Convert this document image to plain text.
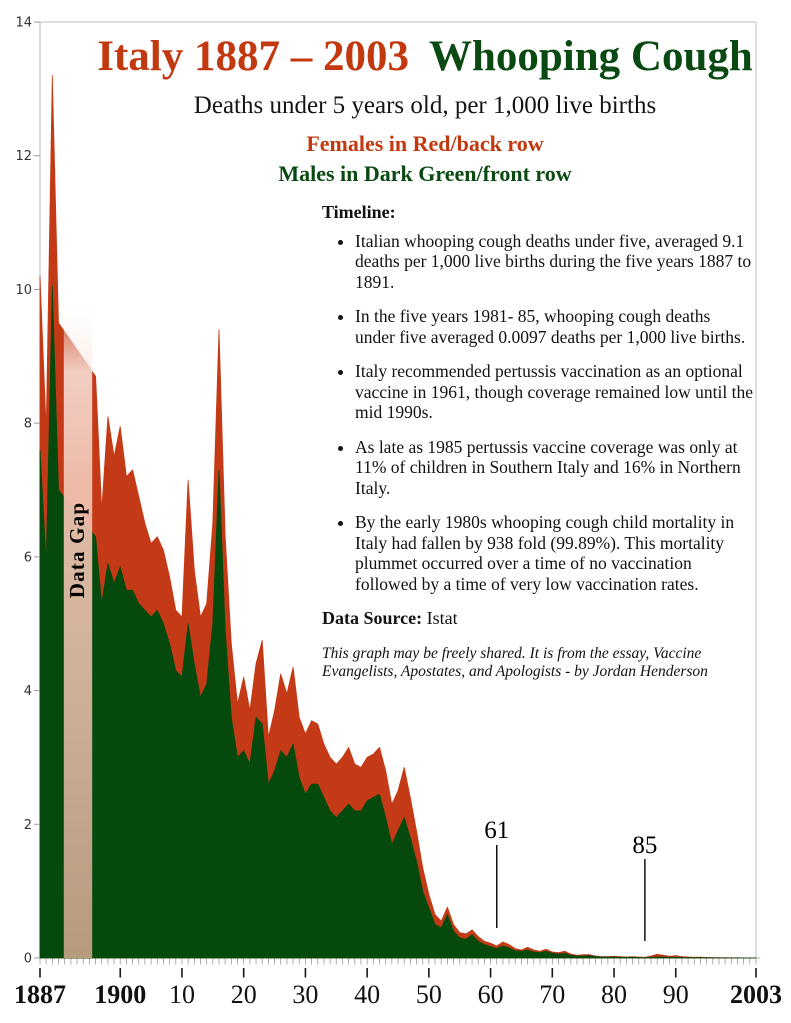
Data Gap
0
2
4
6
8
10
12
14
1887 1900 10 20 30 40 50 60 70 80 90 2003
61
85
Italy 1887 – 2003 Whooping Cough
Deaths under 5 years old, per 1,000 live births
Females in Red/back row
Males in Dark Green/front row
Timeline:
• Italian whooping cough deaths under five, averaged 9.1 deaths per 1,000 live births during the five years 1887 to 1891.
• In the five years 1981- 85, whooping cough deaths under five averaged 0.0097 deaths per 1,000 live births.
• Italy recommended pertussis vaccination as an optional vaccine in 1961, though coverage remained low until the mid 1990s.
• As late as 1985 pertussis vaccine coverage was only at 11% of children in Southern Italy and 16% in Northern Italy.
• By the early 1980s whooping cough child mortality in Italy had fallen by 938 fold (99.89%). This mortality plummet occurred over a time of no vaccination followed by a time of very low vaccination rates.

Data Source: Istat

This graph may be freely shared. It is from the essay, Vaccine Evangelists, Apostates, and Apologists - by Jordan Henderson
